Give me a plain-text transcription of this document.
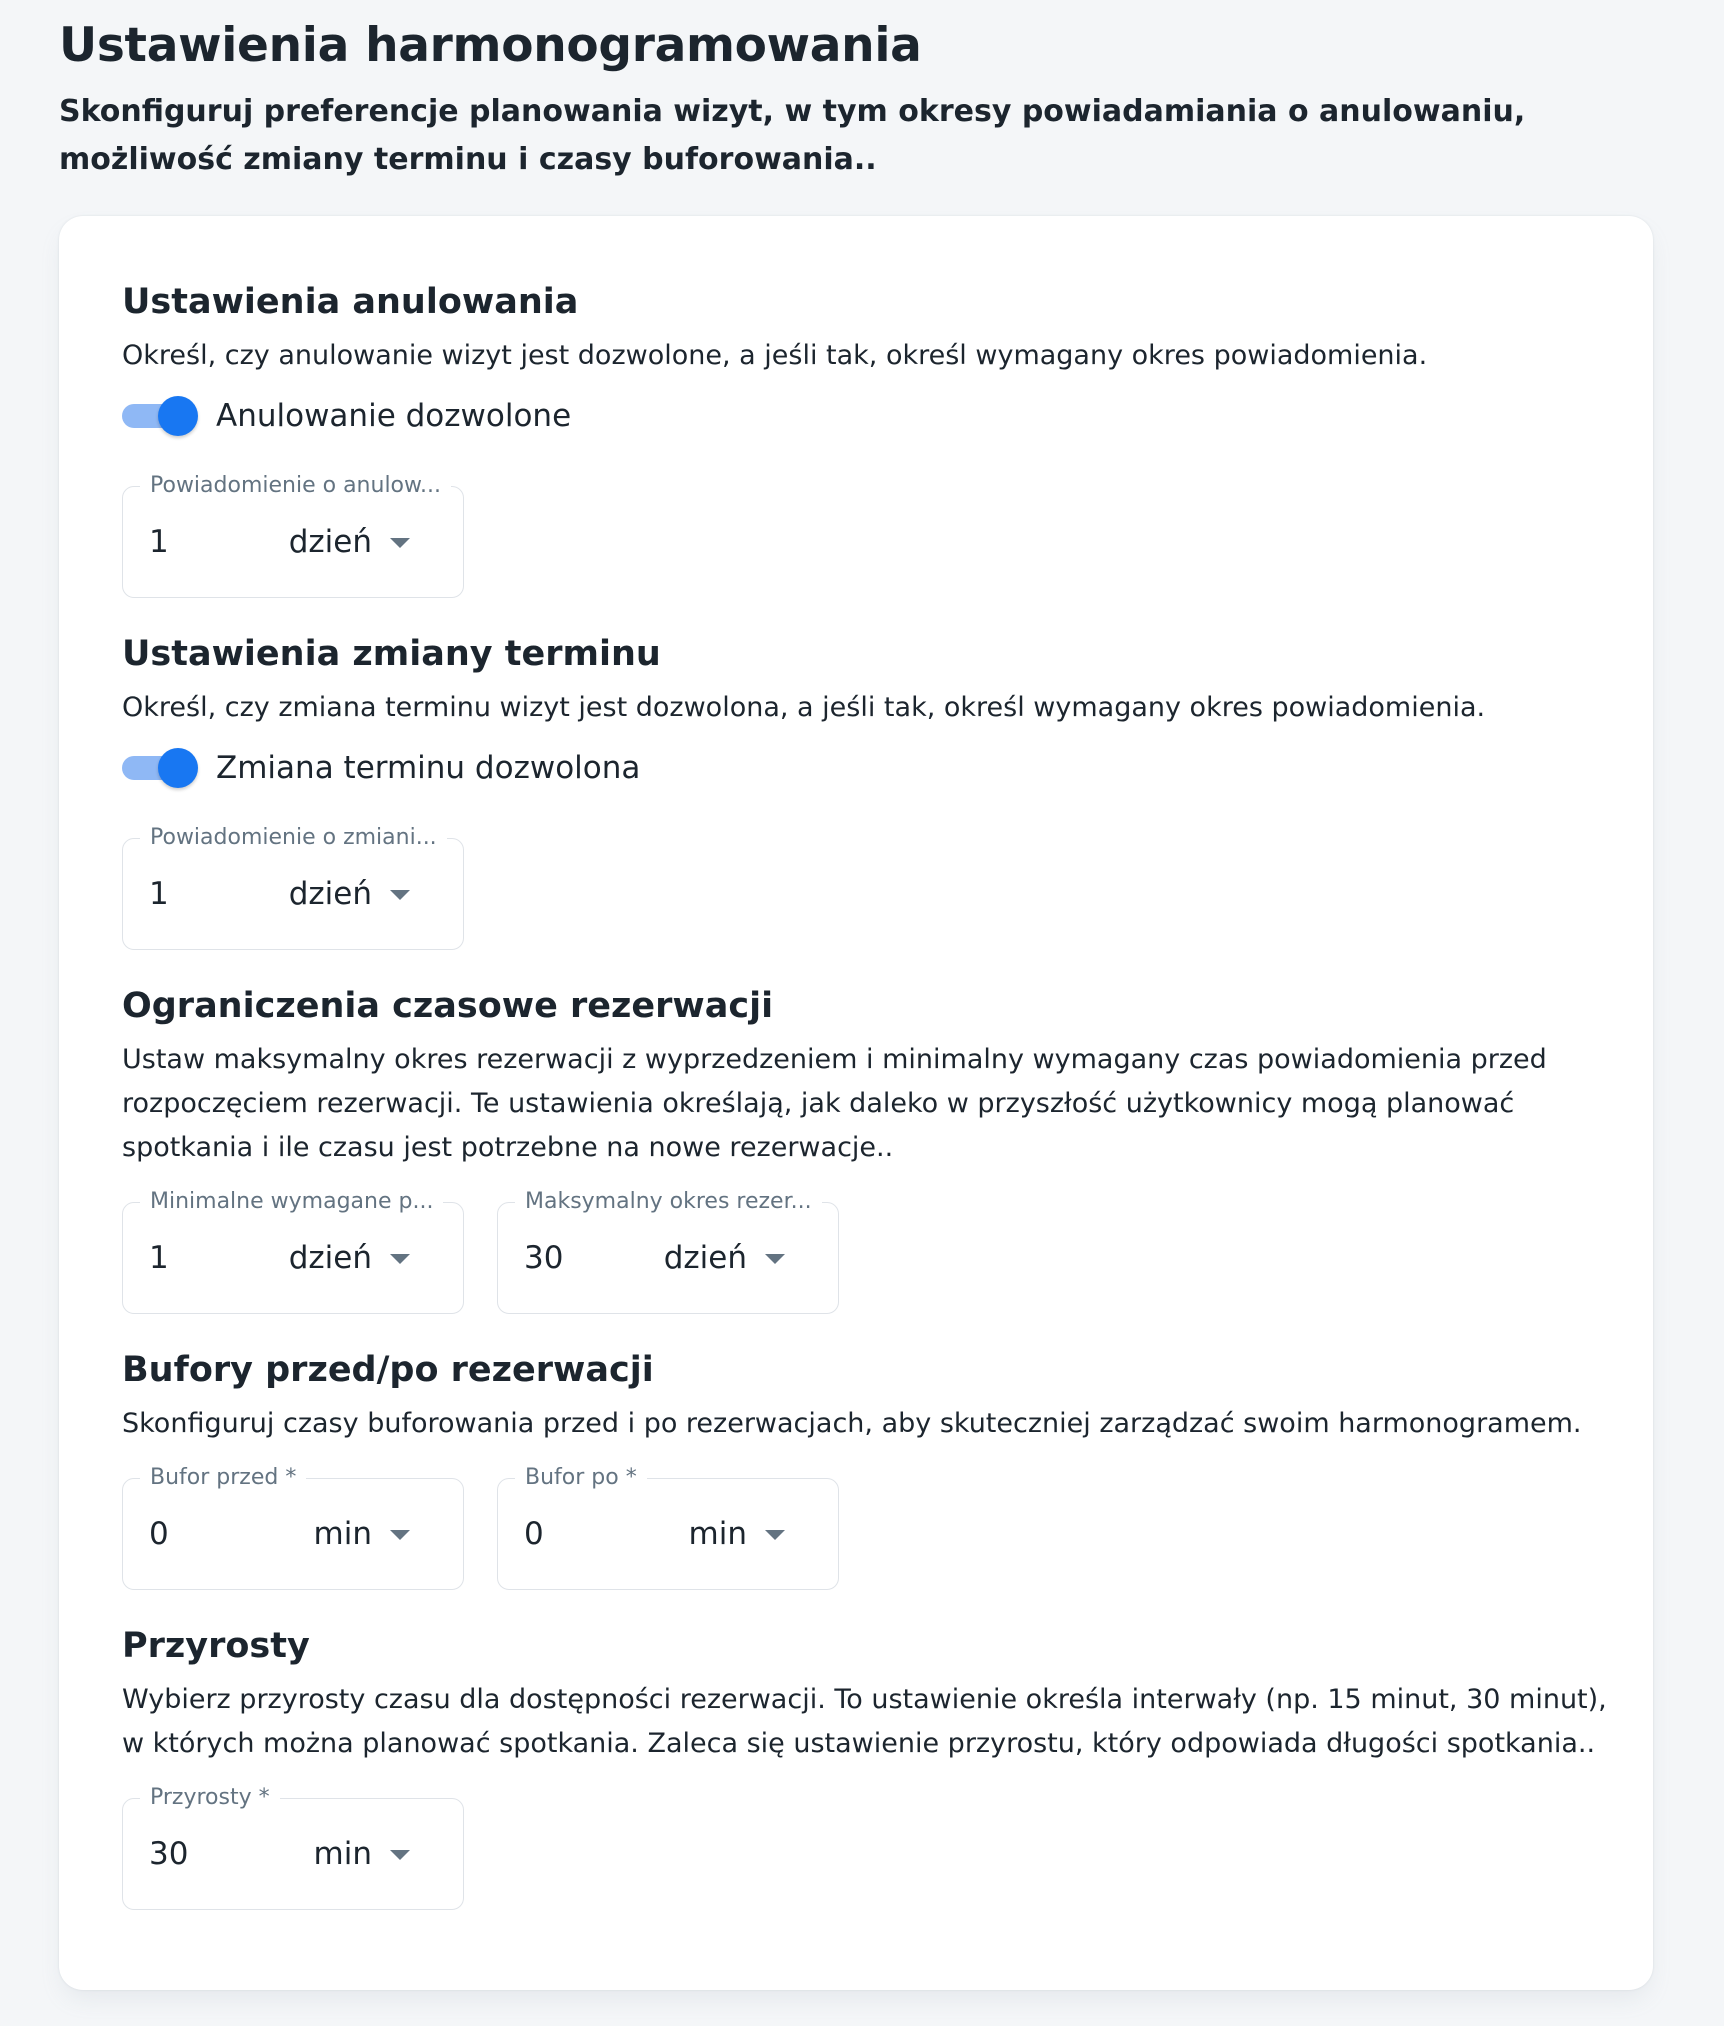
Ustawienia harmonogramowania

Skonfiguruj preferencje planowania wizyt, w tym okresy powiadamiania o anulowaniu, możliwość zmiany terminu i czasy buforowania..

Ustawienia anulowania

Określ, czy anulowanie wizyt jest dozwolone, a jeśli tak, określ wymagany okres powiadomienia.

Anulowanie dozwolone
Powiadomienie o anulow...
1	dzień
Ustawienia zmiany terminu

Określ, czy zmiana terminu wizyt jest dozwolona, a jeśli tak, określ wymagany okres powiadomienia.

Zmiana terminu dozwolona
Powiadomienie o zmiani...
1	dzień
Ograniczenia czasowe rezerwacji

Ustaw maksymalny okres rezerwacji z wyprzedzeniem i minimalny wymagany czas powiadomienia przed rozpoczęciem rezerwacji. Te ustawienia określają, jak daleko w przyszłość użytkownicy mogą planować spotkania i ile czasu jest potrzebne na nowe rezerwacje..

Minimalne wymagane p...
1	dzień
Maksymalny okres rezer...
30	dzień
Bufory przed/po rezerwacji

Skonfiguruj czasy buforowania przed i po rezerwacjach, aby skuteczniej zarządzać swoim harmonogramem.

Bufor przed *
0	min
Bufor po *
0	min
Przyrosty

Wybierz przyrosty czasu dla dostępności rezerwacji. To ustawienie określa interwały (np. 15 minut, 30 minut), w których można planować spotkania. Zaleca się ustawienie przyrostu, który odpowiada długości spotkania..

Przyrosty *
30	min
